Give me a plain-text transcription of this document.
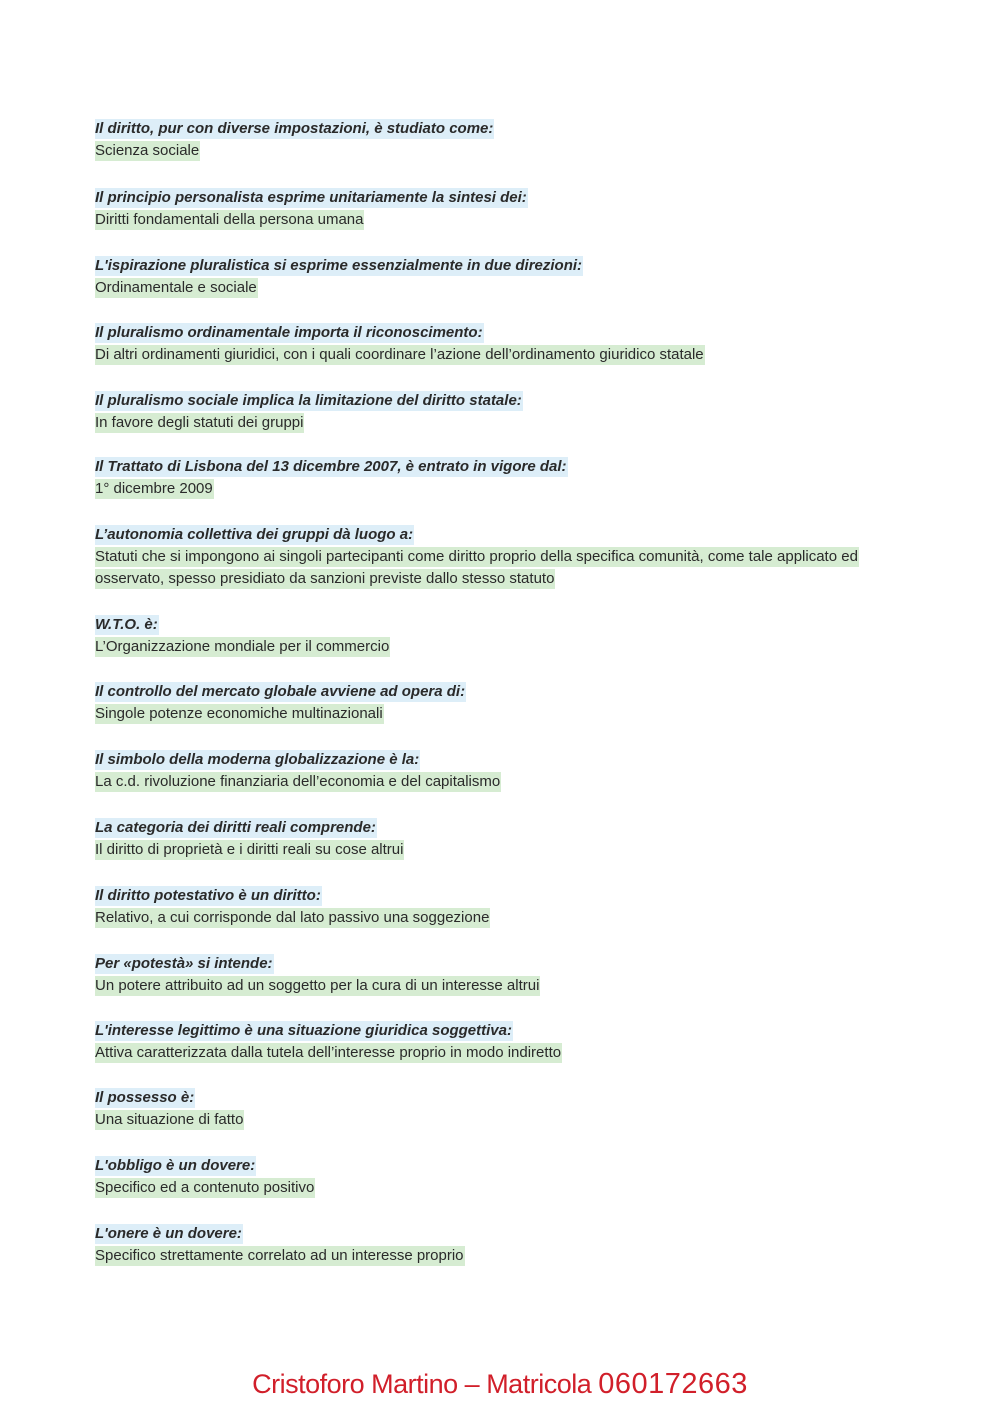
Il diritto, pur con diverse impostazioni, è studiato come:
Scienza sociale
Il principio personalista esprime unitariamente la sintesi dei:
Diritti fondamentali della persona umana
L'ispirazione pluralistica si esprime essenzialmente in due direzioni:
Ordinamentale e sociale
Il pluralismo ordinamentale importa il riconoscimento:
Di altri ordinamenti giuridici, con i quali coordinare l’azione dell’ordinamento giuridico statale
Il pluralismo sociale implica la limitazione del diritto statale:
In favore degli statuti dei gruppi
Il Trattato di Lisbona del 13 dicembre 2007, è entrato in vigore dal:
1° dicembre 2009
L’autonomia collettiva dei gruppi dà luogo a:
Statuti che si impongono ai singoli partecipanti come diritto proprio della specifica comunità, come tale applicato ed osservato, spesso presidiato da sanzioni previste dallo stesso statuto
W.T.O. è:
L’Organizzazione mondiale per il commercio
Il controllo del mercato globale avviene ad opera di:
Singole potenze economiche multinazionali
Il simbolo della moderna globalizzazione è la:
La c.d. rivoluzione finanziaria dell’economia e del capitalismo
La categoria dei diritti reali comprende:
Il diritto di proprietà e i diritti reali su cose altrui
Il diritto potestativo è un diritto:
Relativo, a cui corrisponde dal lato passivo una soggezione
Per «potestà» si intende:
Un potere attribuito ad un soggetto per la cura di un interesse altrui
L'interesse legittimo è una situazione giuridica soggettiva:
Attiva caratterizzata dalla tutela dell’interesse proprio in modo indiretto
Il possesso è:
Una situazione di fatto
L'obbligo è un dovere:
Specifico ed a contenuto positivo
L'onere è un dovere:
Specifico strettamente correlato ad un interesse proprio
Cristoforo Martino – Matricola 060172663
